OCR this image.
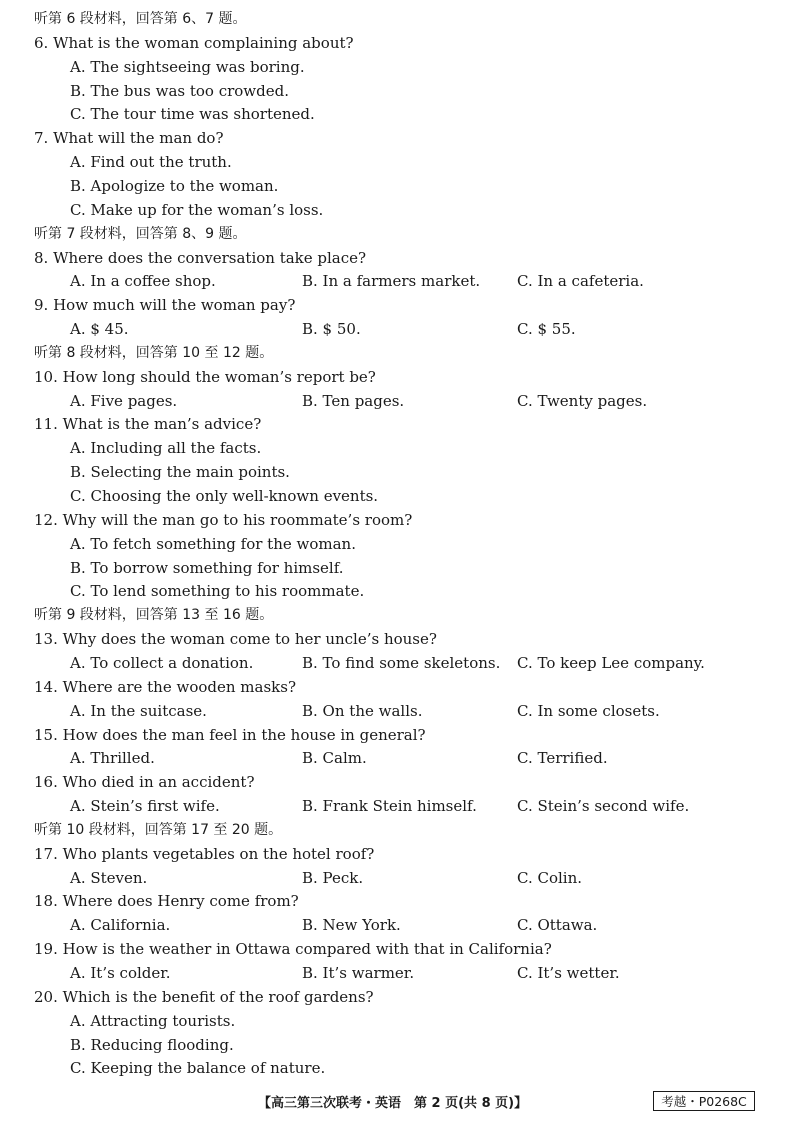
听第 6 段材料，回答第 6、7 题。
6. What is the woman complaining about?
A. The sightseeing was boring.
B. The bus was too crowded.
C. The tour time was shortened.
7. What will the man do?
A. Find out the truth.
B. Apologize to the woman.
C. Make up for the woman’s loss.
听第 7 段材料，回答第 8、9 题。
8. Where does the conversation take place?
A. In a coffee shop.	B. In a farmers market. C. In a cafeteria.
9. How much will the woman pay?
A. $ 45.	B. $ 50.	C. $ 55.
听第 8 段材料，回答第 10 至 12 题。
10. How long should the woman’s report be?
A. Five pages.	B. Ten pages.	C. Twenty pages.
11. What is the man’s advice?
A. Including all the facts.
B. Selecting the main points.
C. Choosing the only well-known events.
12. Why will the man go to his roommate’s room?
A. To fetch something for the woman.
B. To borrow something for himself.
C. To lend something to his roommate.
听第 9 段材料，回答第 13 至 16 题。
13. Why does the woman come to her uncle’s house?
A. To collect a donation.	B. To find some skeletons. C. To keep Lee company.
14. Where are the wooden masks?
A. In the suitcase.	B. On the walls.	C. In some closets.
15. How does the man feel in the house in general?
A. Thrilled.	B. Calm.	C. Terrified.
16. Who died in an accident?
A. Stein’s first wife.	B. Frank Stein himself.	C. Stein’s second wife.
听第 10 段材料，回答第 17 至 20 题。
17. Who plants vegetables on the hotel roof?
A. Steven.	B. Peck.	C. Colin.
18. Where does Henry come from?
A. California.	B. New York.	C. Ottawa.
19. How is the weather in Ottawa compared with that in California?
A. It’s colder.	B. It’s warmer.	C. It’s wetter.
20. Which is the benefit of the roof gardens?
A. Attracting tourists.
B. Reducing flooding.
C. Keeping the balance of nature.
【高三第三次联考・英语　第 2 页(共 8 页)】	考越・P0268C
